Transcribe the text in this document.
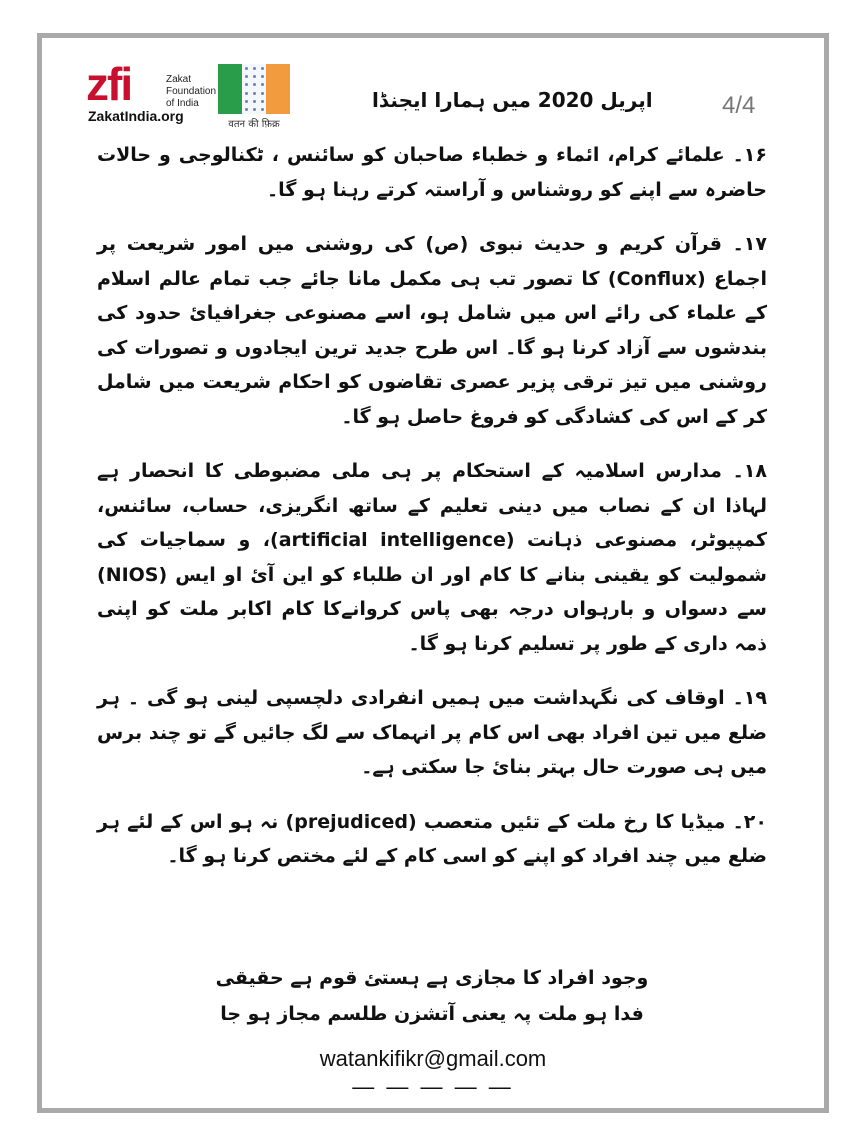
zfi	Zakat
Foundation
of India
ZakatIndia.org
वतन की फ़िक्र
اپریل 2020 میں ہمارا ایجنڈا	4/4

۱۶۔ علمائے کرام، ائماء و خطباء صاحبان کو سائنس ، ٹکنالوجی و حالات حاضرہ سے اپنے کو روشناس و آراستہ کرتے رہنا ہو گا۔

۱۷۔ قرآن کریم و حدیث نبوی (ص) کی روشنی میں امور شریعت پر اجماع (Conflux) کا تصور تب ہی مکمل مانا جائے جب تمام عالم اسلام کے علماء کی رائے اس میں شامل ہو، اسے مصنوعی جغرافیائ حدود کی بندشوں سے آزاد کرنا ہو گا۔ اس طرح جدید ترین ایجادوں و تصورات کی روشنی میں تیز ترقی پزیر عصری تقاضوں کو احکام شریعت میں شامل کر کے اس کی کشادگی کو فروغ حاصل ہو گا۔

۱۸۔ مدارس اسلامیہ کے استحکام پر ہی ملی مضبوطی کا انحصار ہے لہاذا ان کے نصاب میں دینی تعلیم کے ساتھ انگریزی، حساب، سائنس، کمپیوٹر، مصنوعی ذہانت (artificial intelligence)، و سماجیات کی شمولیت کو یقینی بنانے کا کام اور ان طلباء کو این آئ او ایس (NIOS) سے دسواں و بارہواں درجہ بھی پاس کروانےکا کام اکابر ملت کو اپنی ذمہ داری کے طور پر تسلیم کرنا ہو گا۔

۱۹۔ اوقاف کی نگہداشت میں ہمیں انفرادی دلچسپی لینی ہو گی ۔ ہر ضلع میں تین افراد بھی اس کام پر انہماک سے لگ جائیں گے تو چند برس میں ہی صورت حال بہتر بنائ جا سکتی ہے۔

۲۰۔ میڈیا کا رخ ملت کے تئیں متعصب (prejudiced) نہ ہو اس کے لئے ہر ضلع میں چند افراد کو اپنے کو اسی کام کے لئے مختص کرنا ہو گا۔

وجود افراد کا مجازی ہے ہستئ قوم ہے حقیقی
فدا ہو ملت پہ یعنی آتشزن طلسم مجاز ہو جا
watankifikr@gmail.com
— — — — —
